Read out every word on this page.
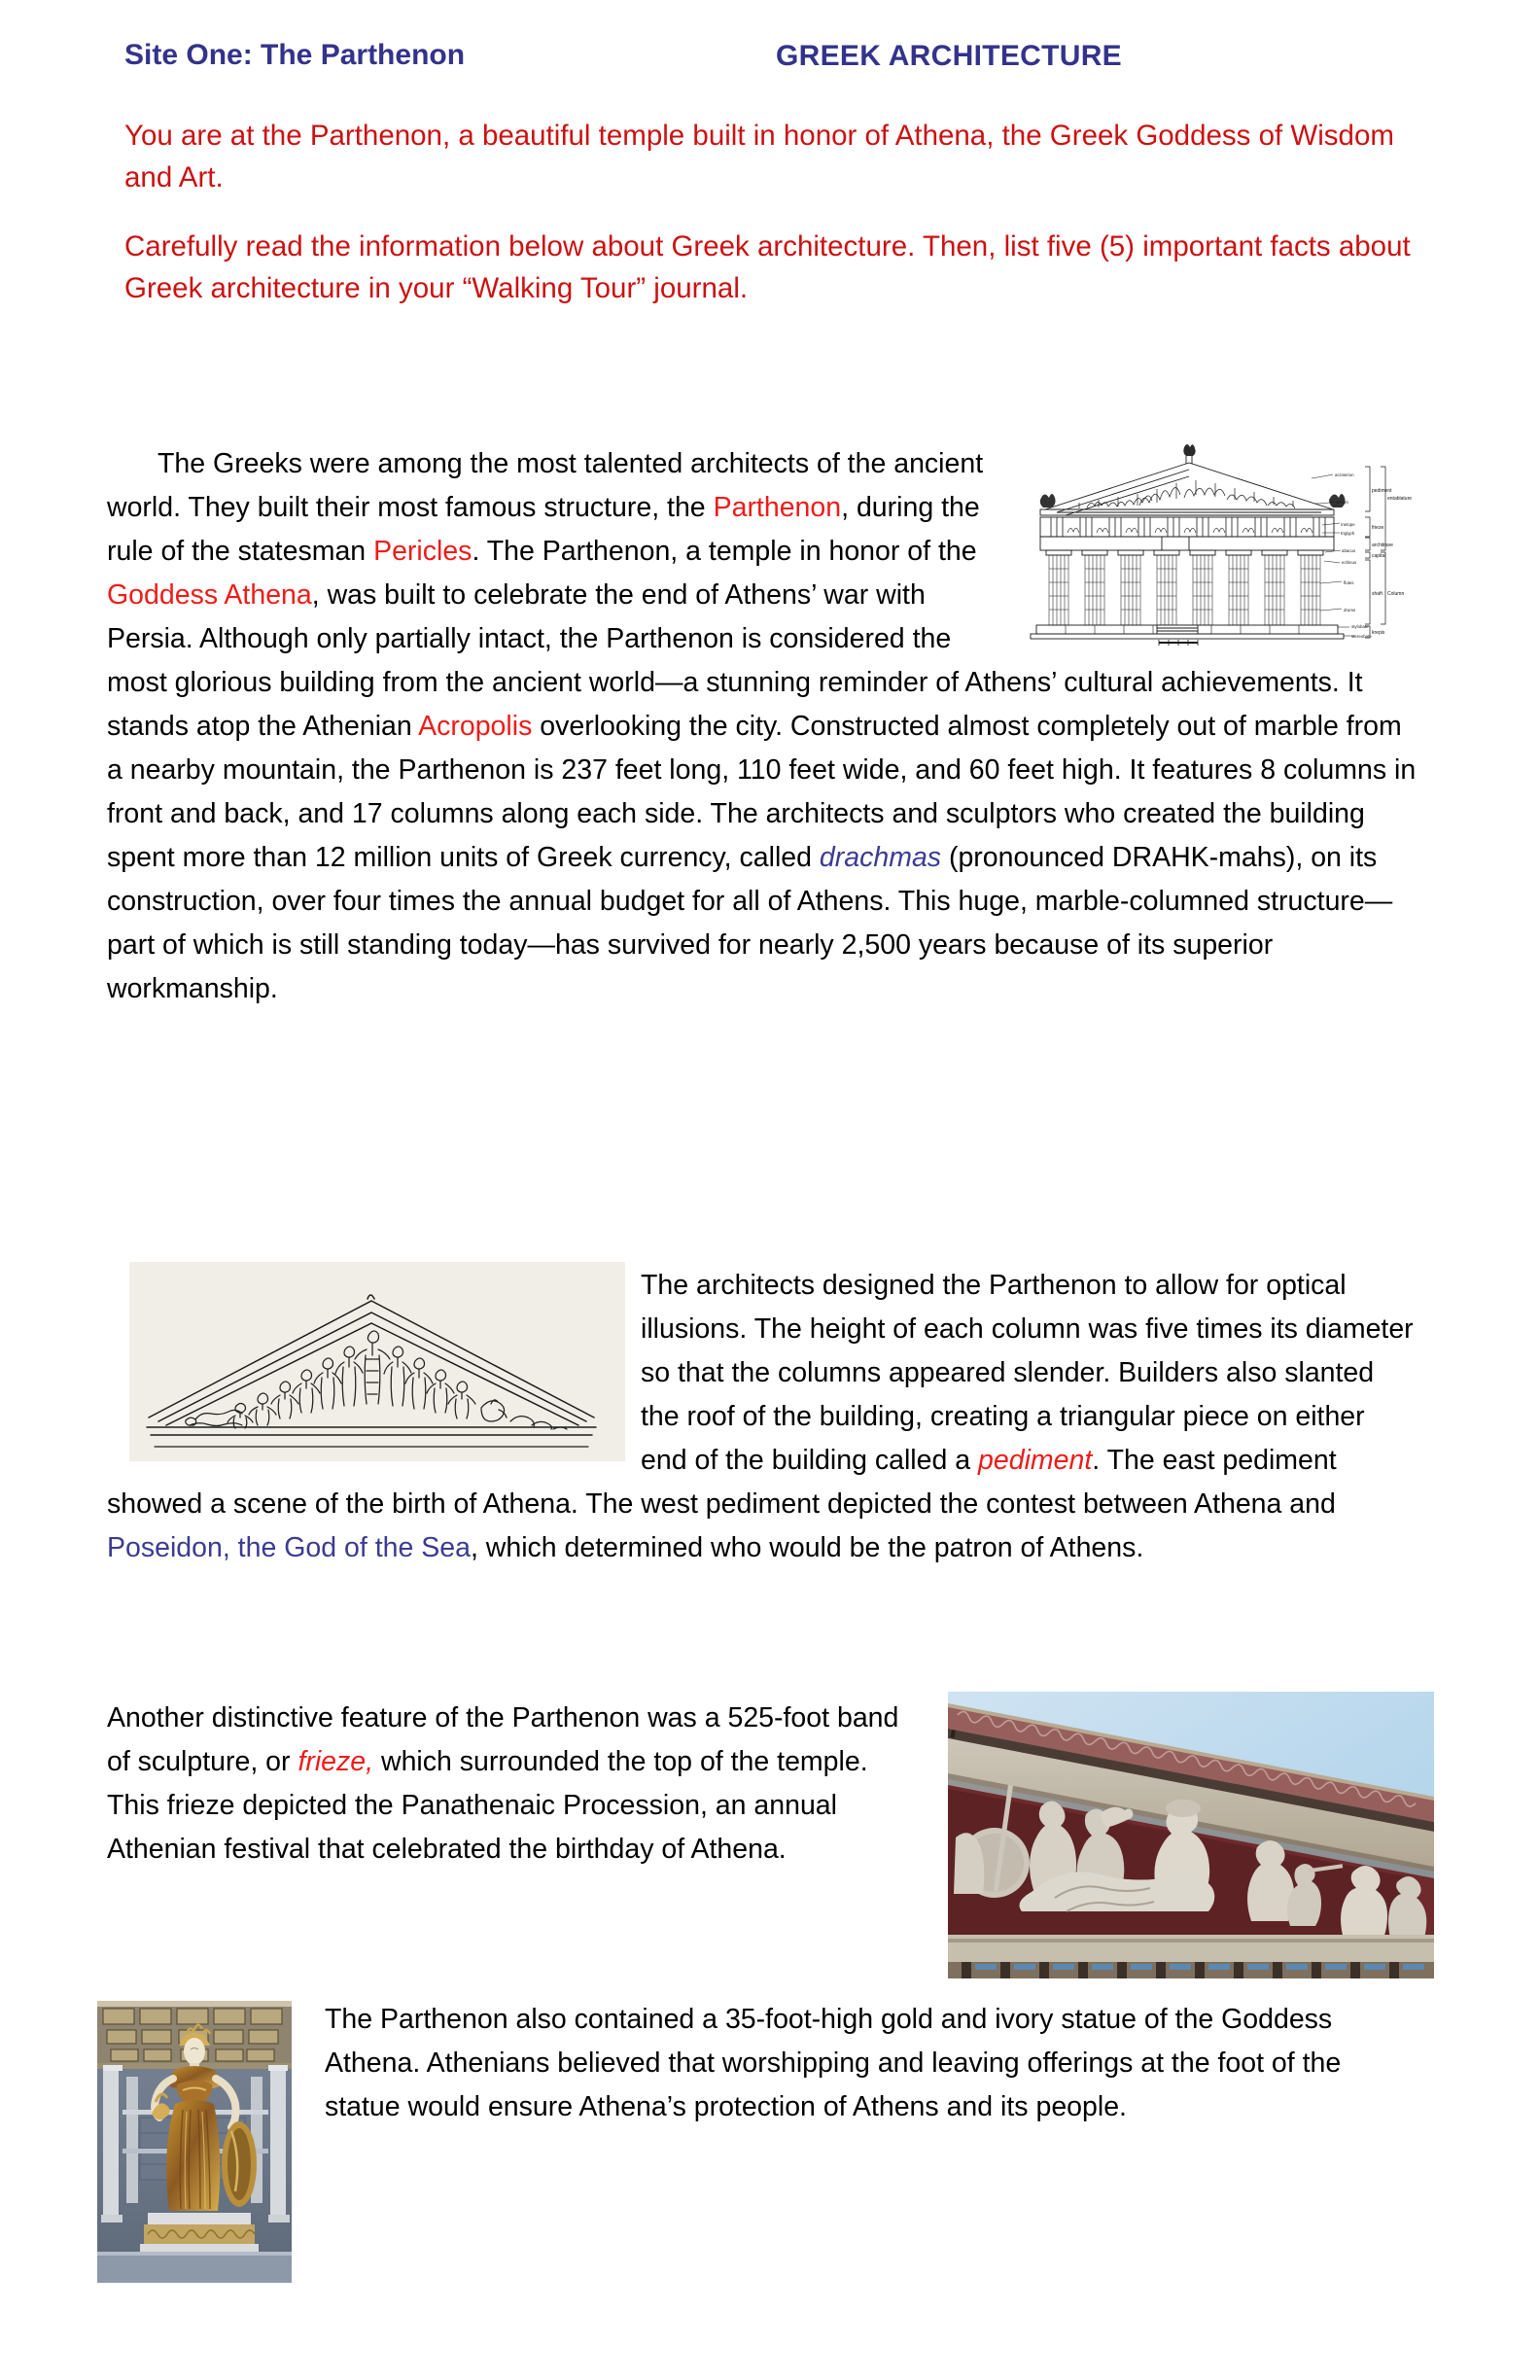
Site One: The Parthenon	GREEK ARCHITECTURE

You are at the Parthenon, a beautiful temple built in honor of Athena, the Greek Goddess of Wisdom and Art.

Carefully read the information below about Greek architecture. Then, list five (5) important facts about Greek architecture in your “Walking Tour” journal.

acroterion
geison
metope
triglyph
abacus
echinus
flutes
drums
stylobate
stereobate
pediment
entablature
frieze
architrave
capital
shaft Column
krepis
The Greeks were among the most talented architects of the ancient world. They built their most famous structure, the Parthenon, during the rule of the statesman Pericles. The Parthenon, a temple in honor of the Goddess Athena, was built to celebrate the end of Athens’ war with Persia. Although only partially intact, the Parthenon is considered the most glorious building from the ancient world—a stunning reminder of Athens’ cultural achievements. It stands atop the Athenian Acropolis overlooking the city. Constructed almost completely out of marble from a nearby mountain, the Parthenon is 237 feet long, 110 feet wide, and 60 feet high. It features 8 columns in front and back, and 17 columns along each side. The architects and sculptors who created the building spent more than 12 million units of Greek currency, called drachmas (pronounced DRAHK-mahs), on its construction, over four times the annual budget for all of Athens. This huge, marble-columned structure—part of which is still standing today—has survived for nearly 2,500 years because of its superior workmanship.
The architects designed the Parthenon to allow for optical illusions. The height of each column was five times its diameter so that the columns appeared slender. Builders also slanted the roof of the building, creating a triangular piece on either end of the building called a pediment. The east pediment showed a scene of the birth of Athena. The west pediment depicted the contest between Athena and Poseidon, the God of the Sea, which determined who would be the patron of Athens.
Another distinctive feature of the Parthenon was a 525-foot band of sculpture, or frieze, which surrounded the top of the temple. This frieze depicted the Panathenaic Procession, an annual Athenian festival that celebrated the birthday of Athena.
The Parthenon also contained a 35-foot-high gold and ivory statue of the Goddess Athena. Athenians believed that worshipping and leaving offerings at the foot of the statue would ensure Athena’s protection of Athens and its people.
